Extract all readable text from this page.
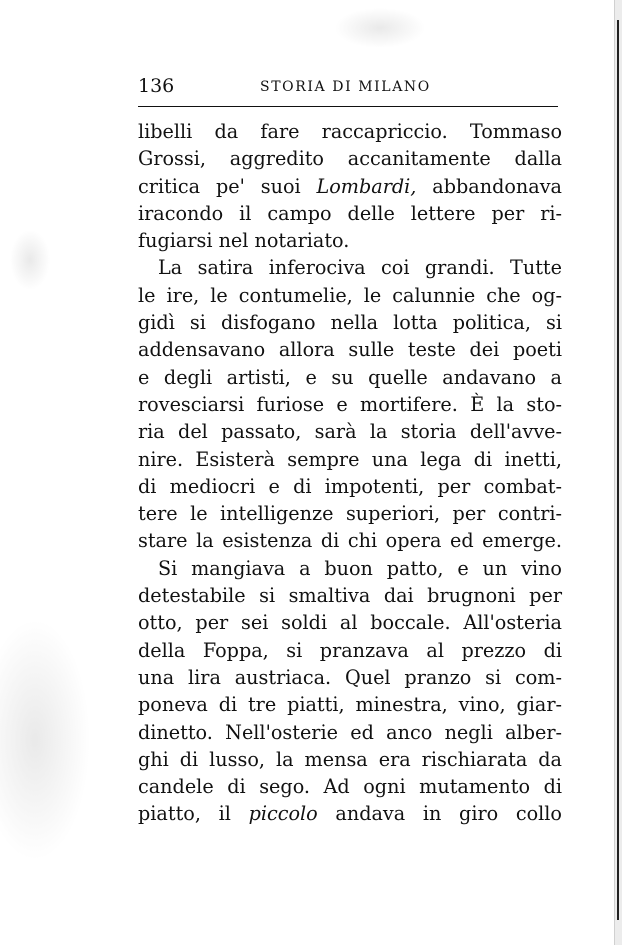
136	STORIA DI MILANO
libelli da fare raccapriccio. Tommaso
Grossi, aggredito accanitamente dalla
critica pe' suoi Lombardi, abbandonava
iracondo il campo delle lettere per ri-
fugiarsi nel notariato.
La satira inferociva coi grandi. Tutte
le ire, le contumelie, le calunnie che og-
gidì si disfogano nella lotta politica, si
addensavano allora sulle teste dei poeti
e degli artisti, e su quelle andavano a
rovesciarsi furiose e mortifere. È la sto-
ria del passato, sarà la storia dell'avve-
nire. Esisterà sempre una lega di inetti,
di mediocri e di impotenti, per combat-
tere le intelligenze superiori, per contri-
stare la esistenza di chi opera ed emerge.
Si mangiava a buon patto, e un vino
detestabile si smaltiva dai brugnoni per
otto, per sei soldi al boccale. All'osteria
della Foppa, si pranzava al prezzo di
una lira austriaca. Quel pranzo si com-
poneva di tre piatti, minestra, vino, giar-
dinetto. Nell'osterie ed anco negli alber-
ghi di lusso, la mensa era rischiarata da
candele di sego. Ad ogni mutamento di
piatto, il piccolo andava in giro collo
